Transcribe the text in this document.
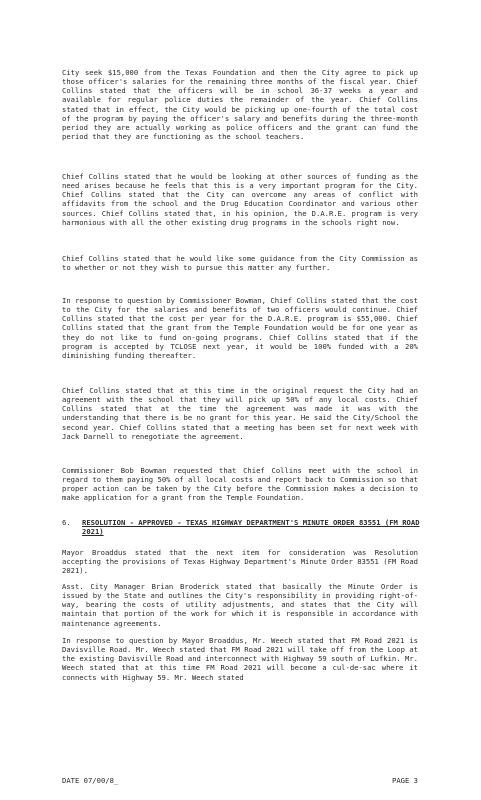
City seek $15,000 from the Texas Foundation and then the City agree to pick up those officer's salaries for the remaining three months of the fiscal year. Chief Collins stated that the officers will be in school 36-37 weeks a year and available for regular police duties the remainder of the year. Chief Collins stated that in effect, the City would be picking up one-fourth of the total cost of the program by paying the officer's salary and benefits during the three-month period they are actually working as police officers and the grant can fund the period that they are functioning as the school teachers.

Chief Collins stated that he would be looking at other sources of funding as the need arises because he feels that this is a very important program for the City. Chief Collins stated that the City can overcome any areas of conflict with affidavits from the school and the Drug Education Coordinator and various other sources. Chief Collins stated that, in his opinion, the D.A.R.E. program is very harmonious with all the other existing drug programs in the schools right now.

Chief Collins stated that he would like some guidance from the City Commission as to whether or not they wish to pursue this matter any further.

In response to question by Commissioner Bowman, Chief Collins stated that the cost to the City for the salaries and benefits of two officers would continue. Chief Collins stated that the cost per year for the D.A.R.E. program is $55,000. Chief Collins stated that the grant from the Temple Foundation would be for one year as they do not like to fund on-going programs. Chief Collins stated that if the program is accepted by TCLOSE next year, it would be 100% funded with a 20% diminishing funding thereafter.

Chief Collins stated that at this time in the original request the City had an agreement with the school that they will pick up 50% of any local costs. Chief Collins stated that at the time the agreement was made it was with the understanding that there is be no grant for this year. He said the City/School the second year. Chief Collins stated that a meeting has been set for next week with Jack Darnell to renegotiate the agreement.

Commissioner Bob Bowman requested that Chief Collins meet with the school in regard to them paying 50% of all local costs and report back to Commission so that proper action can be taken by the City before the Commission makes a decision to make application for a grant from the Temple Foundation.

6. RESOLUTION - APPROVED - TEXAS HIGHWAY DEPARTMENT'S MINUTE ORDER 83551 (FM ROAD 2021)

Mayor Broaddus stated that the next item for consideration was Resolution accepting the provisions of Texas Highway Department's Minute Order 83551 (FM Road 2021).

Asst. City Manager Brian Broderick stated that basically the Minute Order is issued by the State and outlines the City's responsibility in providing right-of-way, bearing the costs of utility adjustments, and states that the City will maintain that portion of the work for which it is responsible in accordance with maintenance agreements.

In response to question by Mayor Broaddus, Mr. Weech stated that FM Road 2021 is Davisville Road. Mr. Weech stated that FM Road 2021 will take off from the Loop at the existing Davisville Road and interconnect with Highway 59 south of Lufkin. Mr. Weech stated that at this time FM Road 2021 will become a cul-de-sac where it connects with Highway 59. Mr. Weech stated

DATE 07/00/8_	PAGE 3
